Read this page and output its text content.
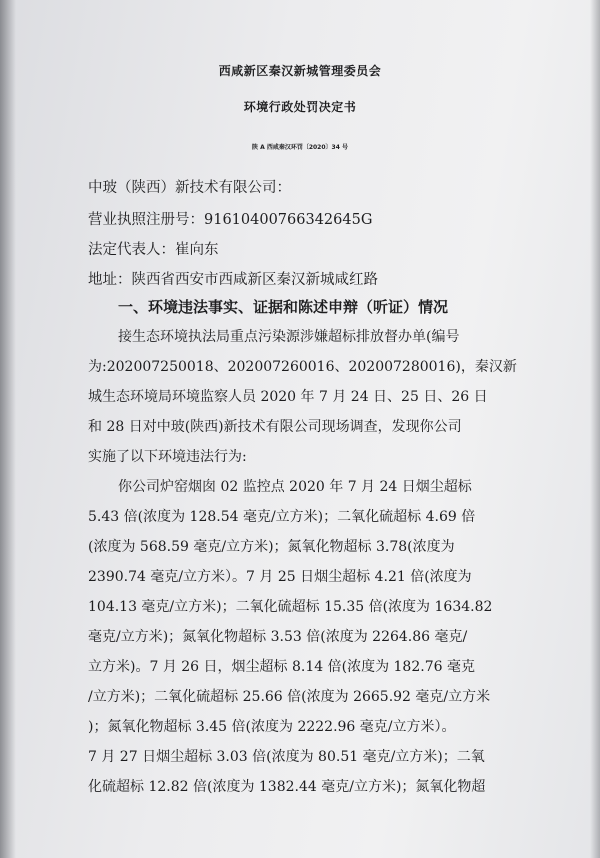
西咸新区秦汉新城管理委员会
环境行政处罚决定书
陕 A 西咸秦汉环罚〔2020〕34 号
中玻（陕西）新技术有限公司：
营业执照注册号：91610400766342645G
法定代表人：崔向东
地址：陕西省西安市西咸新区秦汉新城咸红路
一、环境违法事实、证据和陈述申辩（听证）情况
接生态环境执法局重点污染源涉嫌超标排放督办单(编号
为:202007250018、202007260016、202007280016)，秦汉新
城生态环境局环境监察人员 2020 年 7 月 24 日、25 日、26 日
和 28 日对中玻(陕西)新技术有限公司现场调查，发现你公司
实施了以下环境违法行为:
你公司炉窑烟囱 02 监控点 2020 年 7 月 24 日烟尘超标
5.43 倍(浓度为 128.54 毫克/立方米)；二氧化硫超标 4.69 倍
(浓度为 568.59 毫克/立方米)；氮氧化物超标 3.78(浓度为
2390.74 毫克/立方米）。7 月 25 日烟尘超标 4.21 倍(浓度为
104.13 毫克/立方米)；二氧化硫超标 15.35 倍(浓度为 1634.82
毫克/立方米)；氮氧化物超标 3.53 倍(浓度为 2264.86 毫克/
立方米)。7 月 26 日，烟尘超标 8.14 倍(浓度为 182.76 毫克
/立方米)；二氧化硫超标 25.66 倍(浓度为 2665.92 毫克/立方米
)；氮氧化物超标 3.45 倍(浓度为 2222.96 毫克/立方米）。
7 月 27 日烟尘超标 3.03 倍(浓度为 80.51 毫克/立方米)；二氧
化硫超标 12.82 倍(浓度为 1382.44 毫克/立方米)；氮氧化物超
